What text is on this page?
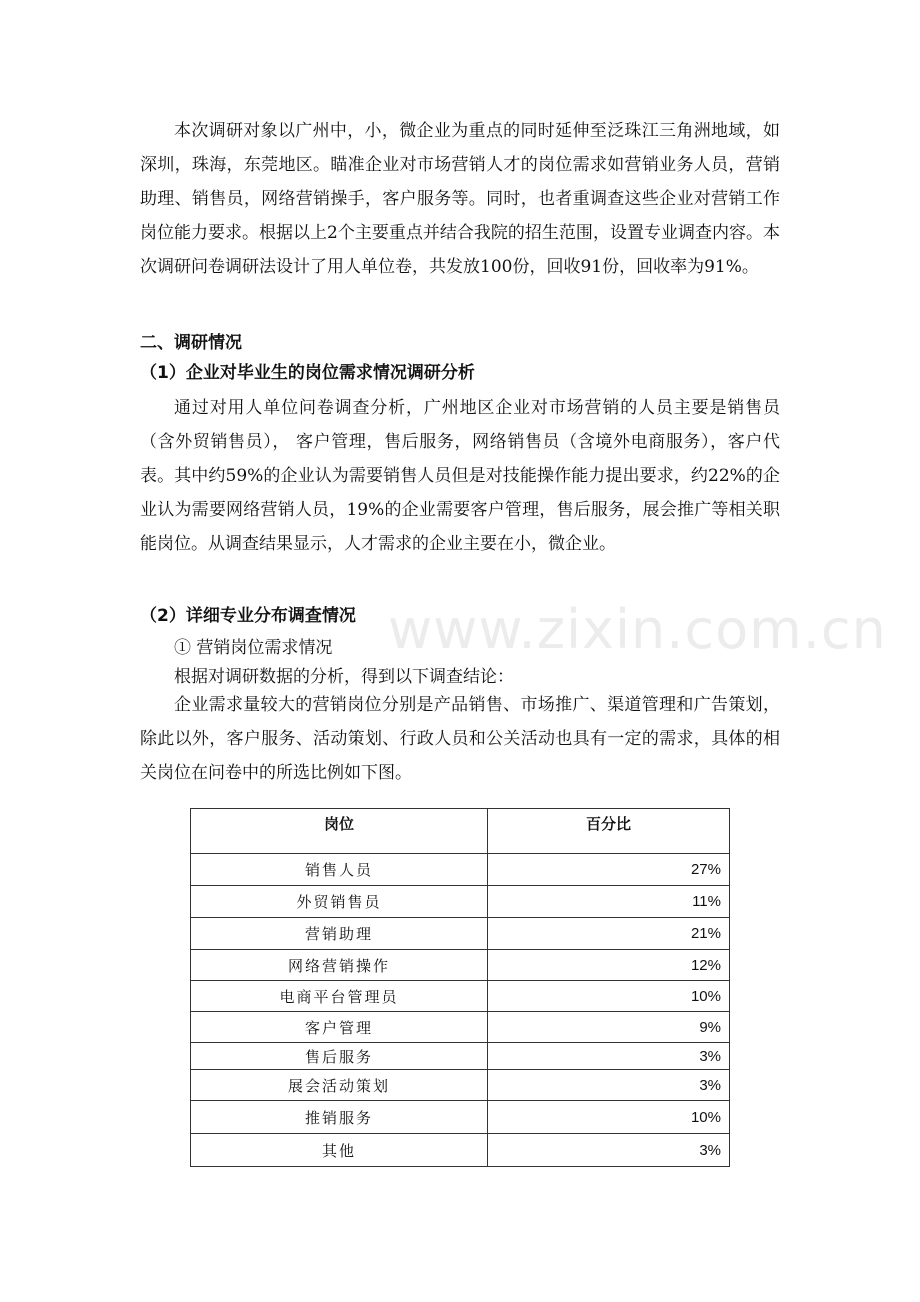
本次调研对象以广州中，小，微企业为重点的同时延伸至泛珠江三角洲地域，如深圳，珠海，东莞地区。瞄准企业对市场营销人才的岗位需求如营销业务人员，营销助理、销售员，网络营销操手，客户服务等。同时，也者重调查这些企业对营销工作岗位能力要求。根据以上2个主要重点并结合我院的招生范围，设置专业调查内容。本次调研问卷调研法设计了用人单位卷，共发放100份，回收91份，回收率为91%。

二、调研情况

（1）企业对毕业生的岗位需求情况调研分析

通过对用人单位问卷调查分析，广州地区企业对市场营销的人员主要是销售员（含外贸销售员）， 客户管理，售后服务，网络销售员（含境外电商服务），客户代表。其中约59%的企业认为需要销售人员但是对技能操作能力提出要求，约22%的企业认为需要网络营销人员，19%的企业需要客户管理，售后服务，展会推广等相关职能岗位。从调查结果显示，人才需求的企业主要在小，微企业。

（2）详细专业分布调查情况 www.zixin.com.cn

① 营销岗位需求情况

根据对调研数据的分析，得到以下调查结论：

企业需求量较大的营销岗位分别是产品销售、市场推广、渠道管理和广告策划，除此以外，客户服务、活动策划、行政人员和公关活动也具有一定的需求，具体的相关岗位在问卷中的所选比例如下图。

岗位	百分比
销售人员	27%
外贸销售员	11%
营销助理	21%
网络营销操作	12%
电商平台管理员	10%
客户管理	9%
售后服务	3%
展会活动策划	3%
推销服务	10%
其他	3%
